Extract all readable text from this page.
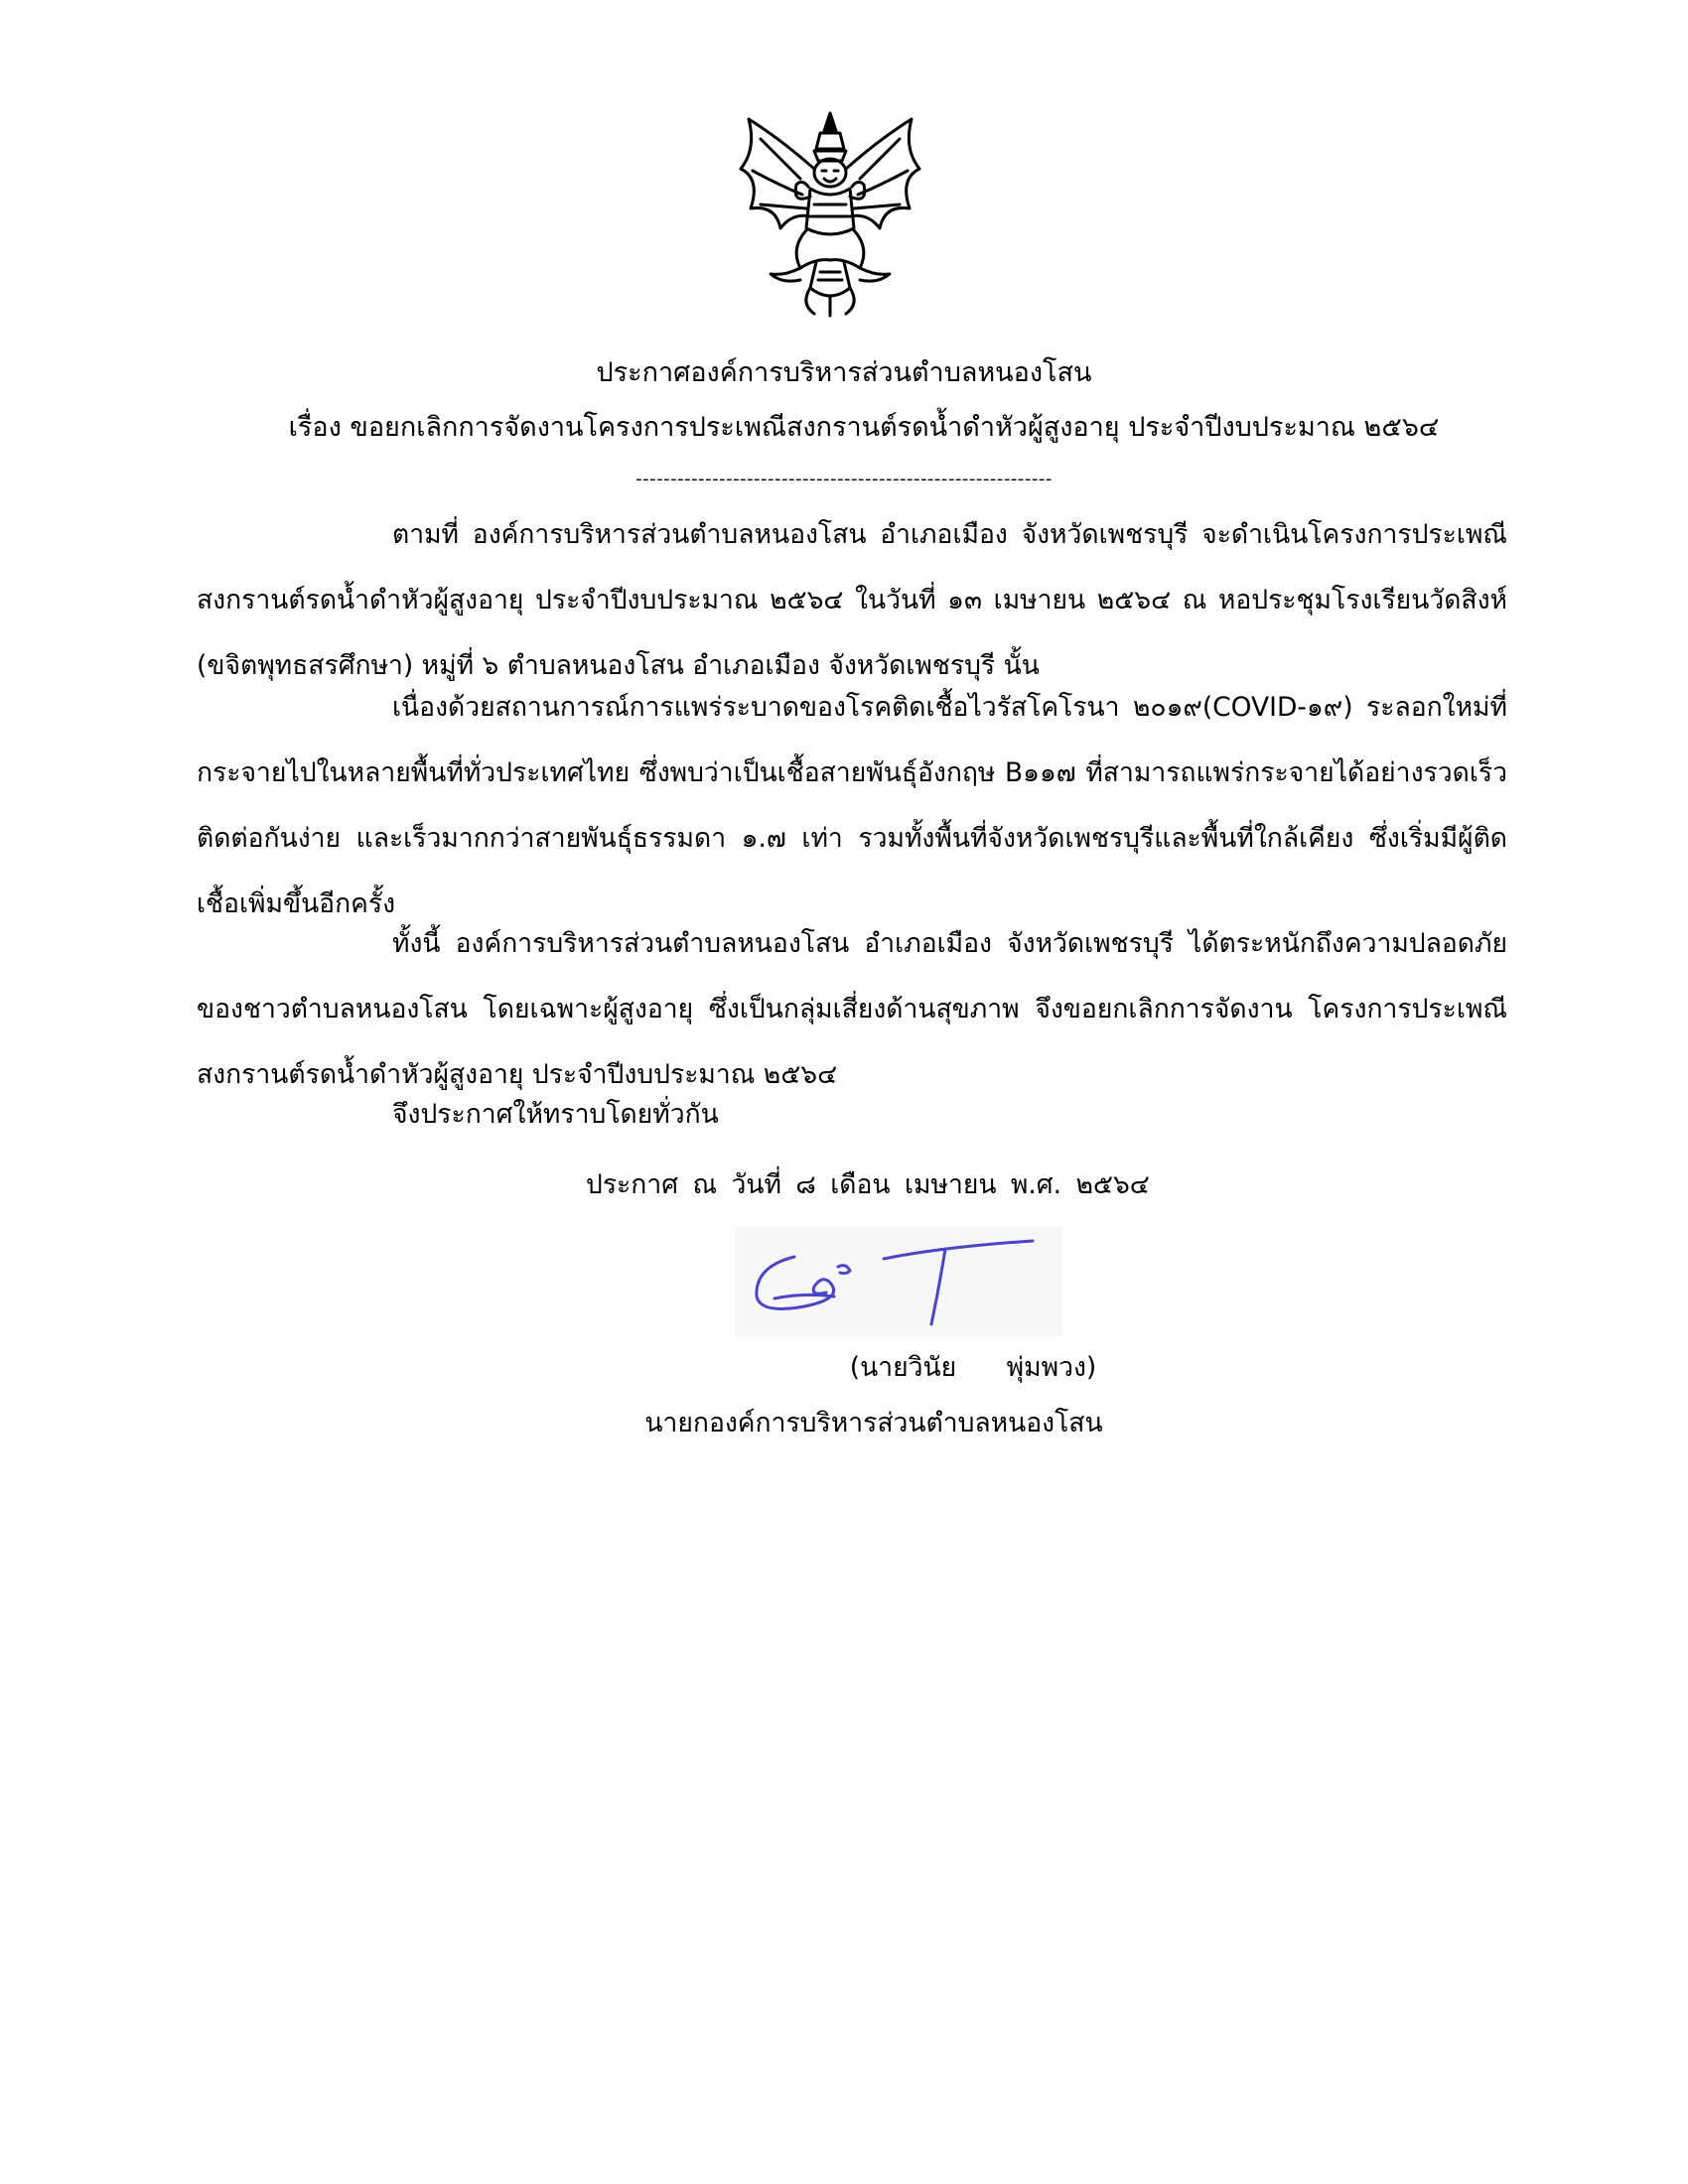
ประกาศองค์การบริหารส่วนตำบลหนองโสน
เรื่อง ขอยกเลิกการจัดงานโครงการประเพณีสงกรานต์รดน้ำดำหัวผู้สูงอายุ ประจำปีงบประมาณ ๒๕๖๔
------------------------------------------------------------

ตามที่ องค์การบริหารส่วนตำบลหนองโสน อำเภอเมือง จังหวัดเพชรบุรี จะดำเนินโครงการประเพณีสงกรานต์รดน้ำดำหัวผู้สูงอายุ ประจำปีงบประมาณ ๒๕๖๔ ในวันที่ ๑๓ เมษายน ๒๕๖๔ ณ หอประชุมโรงเรียนวัดสิงห์ (ขจิตพุทธสรศึกษา) หมู่ที่ ๖ ตำบลหนองโสน อำเภอเมือง จังหวัดเพชรบุรี นั้น

เนื่องด้วยสถานการณ์การแพร่ระบาดของโรคติดเชื้อไวรัสโคโรนา ๒๐๑๙(COVID-๑๙) ระลอกใหม่ที่กระจายไปในหลายพื้นที่ทั่วประเทศไทย ซึ่งพบว่าเป็นเชื้อสายพันธุ์อังกฤษ B๑๑๗ ที่สามารถแพร่กระจายได้อย่างรวดเร็ว ติดต่อกันง่าย และเร็วมากกว่าสายพันธุ์ธรรมดา ๑.๗ เท่า รวมทั้งพื้นที่จังหวัดเพชรบุรีและพื้นที่ใกล้เคียง ซึ่งเริ่มมีผู้ติดเชื้อเพิ่มขึ้นอีกครั้ง

ทั้งนี้ องค์การบริหารส่วนตำบลหนองโสน อำเภอเมือง จังหวัดเพชรบุรี ได้ตระหนักถึงความปลอดภัยของชาวตำบลหนองโสน โดยเฉพาะผู้สูงอายุ ซึ่งเป็นกลุ่มเสี่ยงด้านสุขภาพ จึงขอยกเลิกการจัดงาน โครงการประเพณีสงกรานต์รดน้ำดำหัวผู้สูงอายุ ประจำปีงบประมาณ ๒๕๖๔

จึงประกาศให้ทราบโดยทั่วกัน

ประกาศ ณ วันที่ ๘ เดือน เมษายน พ.ศ. ๒๕๖๔
(นายวินัย      พุ่มพวง)
นายกองค์การบริหารส่วนตำบลหนองโสน
